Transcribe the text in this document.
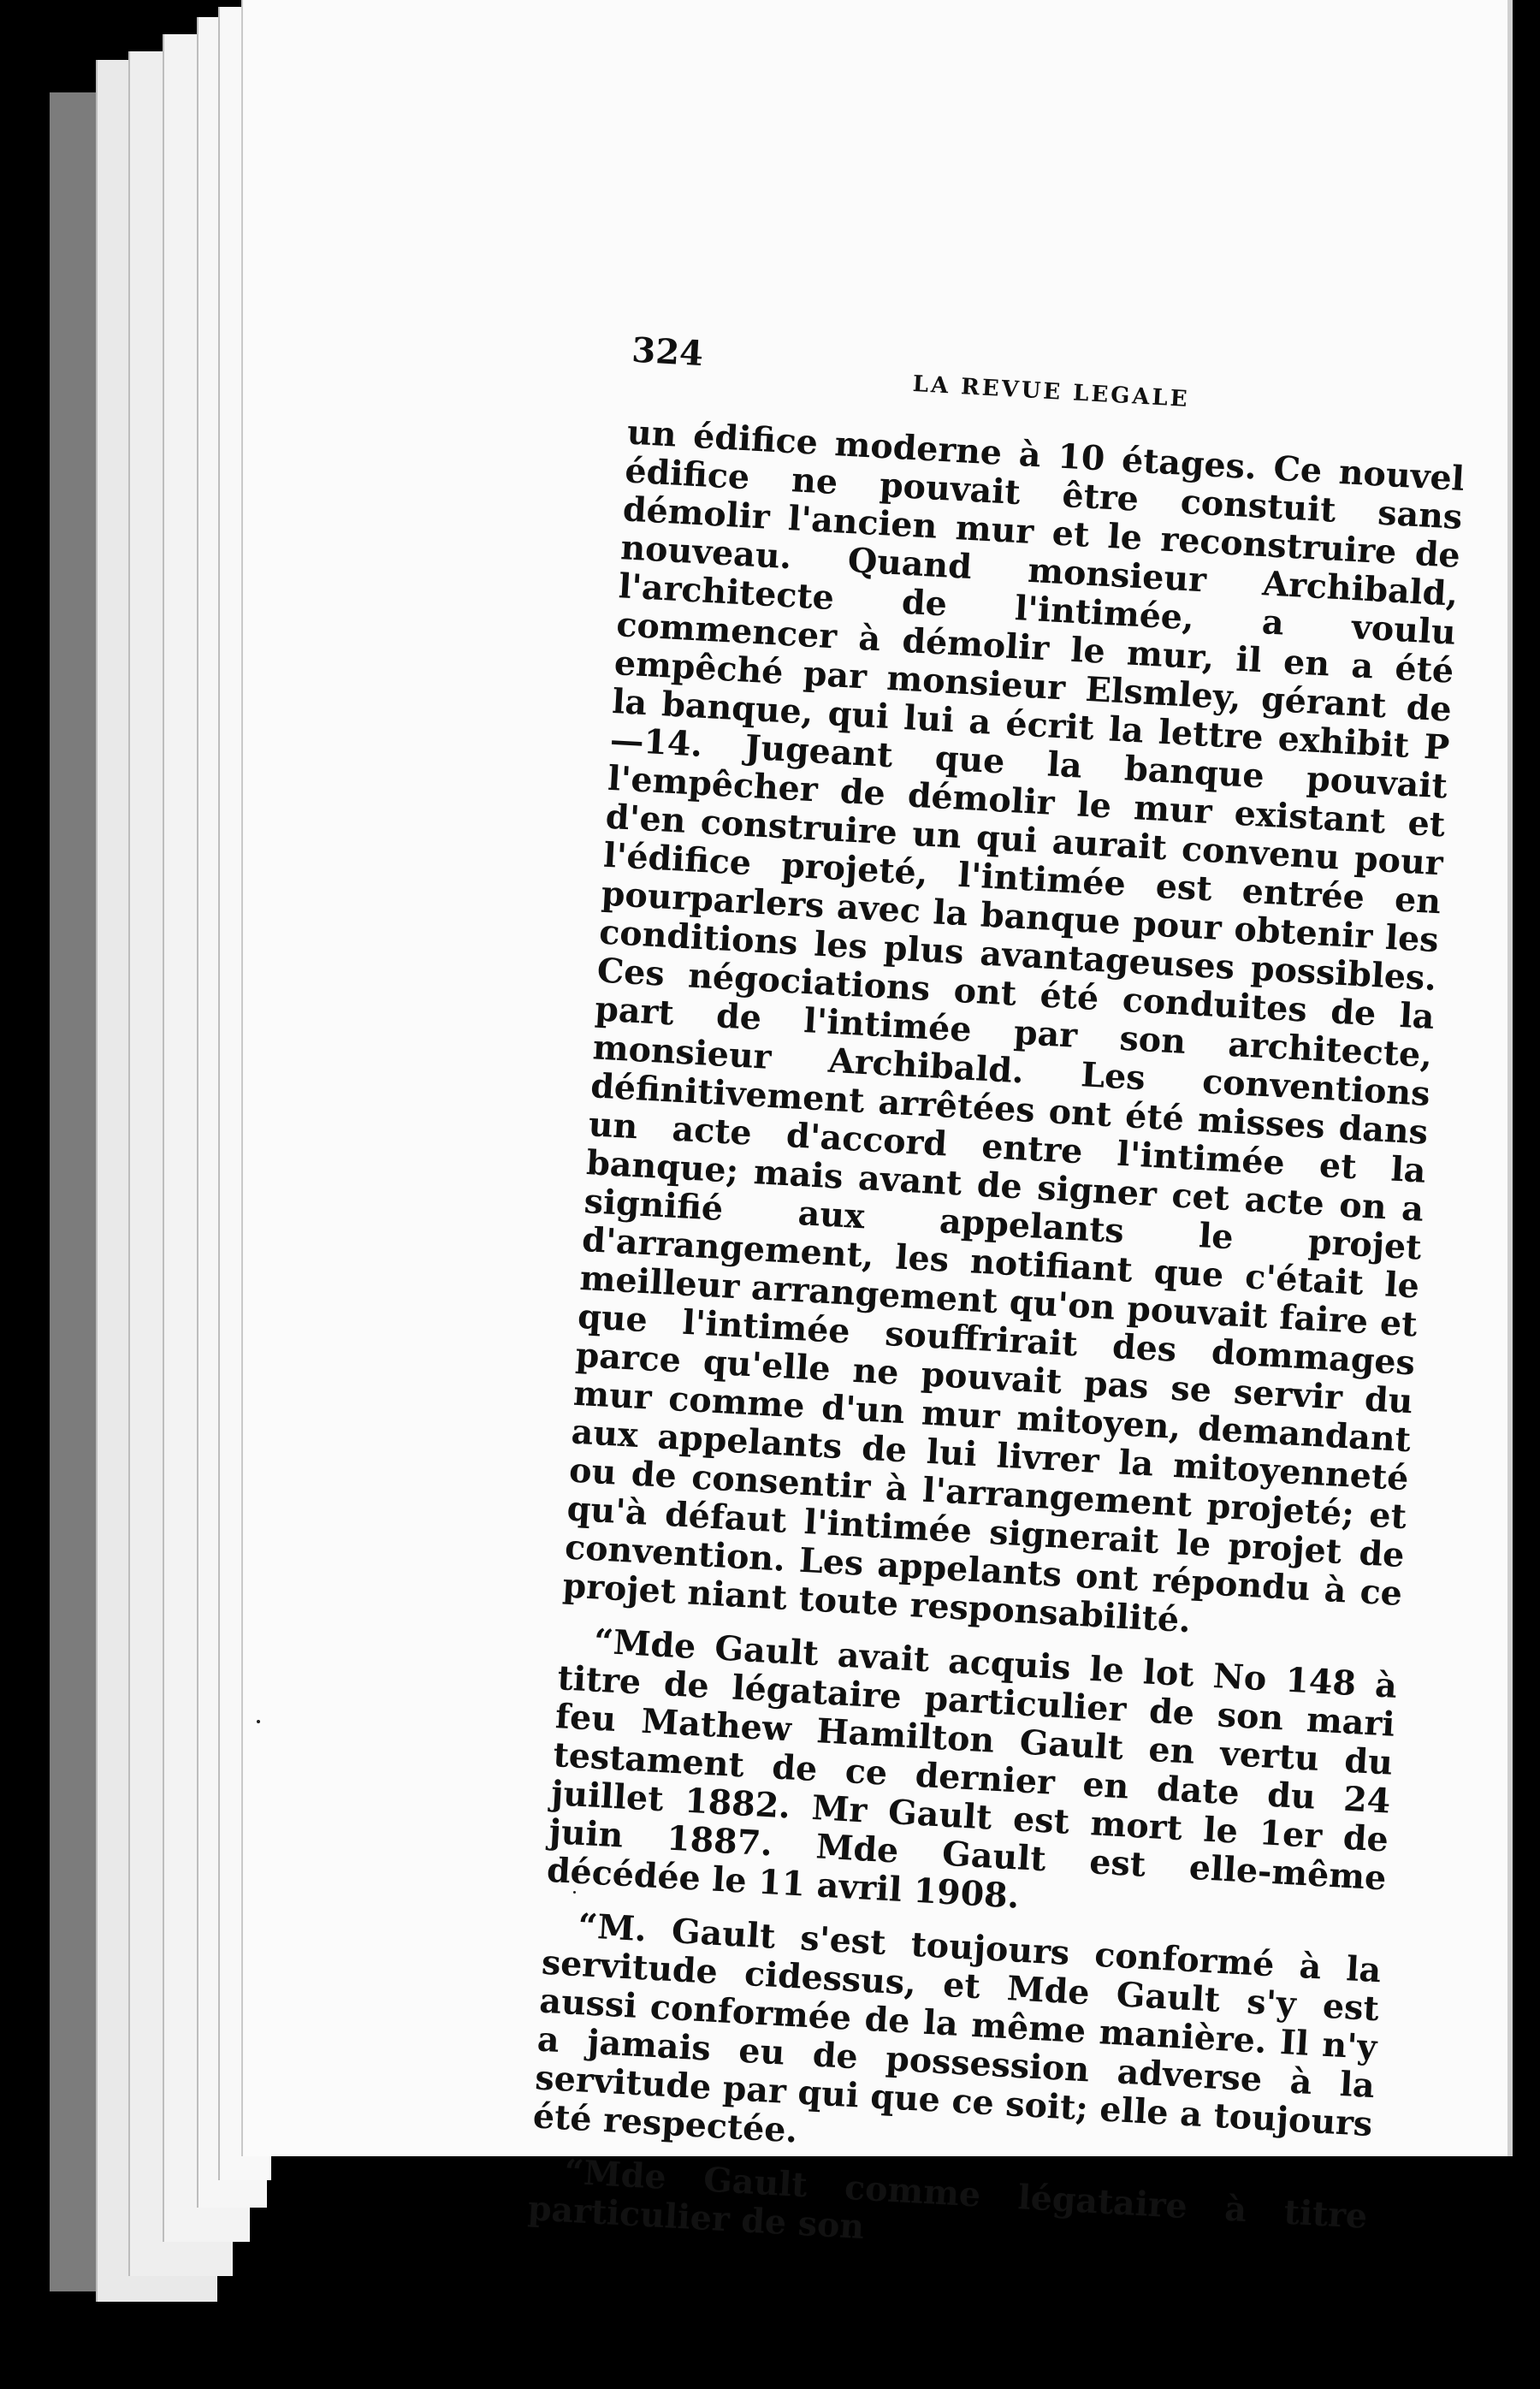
324
LA REVUE LEGALE

un édifice moderne à 10 étages. Ce nouvel édifice ne pouvait être constuit sans démolir l'ancien mur et le reconstruire de nouveau. Quand monsieur Archibald, l'architecte de l'intimée, a voulu commencer à démolir le mur, il en a été empêché par monsieur Elsmley, gérant de la banque, qui lui a écrit la lettre exhibit P—14. Jugeant que la banque pouvait l'empêcher de démolir le mur existant et d'en construire un qui aurait convenu pour l'édifice projeté, l'intimée est entrée en pourparlers avec la banque pour obtenir les conditions les plus avantageuses possibles. Ces négociations ont été conduites de la part de l'intimée par son architecte, monsieur Archibald. Les conventions définitivement arrêtées ont été misses dans un acte d'accord entre l'intimée et la banque; mais avant de signer cet acte on a signifié aux appelants le projet d'arrangement, les notifiant que c'était le meilleur arrangement qu'on pouvait faire et que l'intimée souffrirait des dommages parce qu'elle ne pouvait pas se servir du mur comme d'un mur mitoyen, demandant aux appelants de lui livrer la mitoyenneté ou de consentir à l'arrangement projeté; et qu'à défaut l'intimée signerait le projet de convention. Les appelants ont répondu à ce projet niant toute responsabilité.

“Mde Gault avait acquis le lot No 148 à titre de légataire particulier de son mari feu Mathew Hamilton Gault en vertu du testament de ce dernier en date du 24 juillet 1882. Mr Gault est mort le 1er de juin 1887. Mde Gault est elle-même décédée le 11 avril 1908.

“M. Gault s'est toujours conformé à la servitude cidessus, et Mde Gault s'y est aussi conformée de la même manière. Il n'y a jamais eu de possession adverse à la servitude par qui que ce soit; elle a toujours été respectée.

“Mde Gault comme légataire à titre particulier de son
